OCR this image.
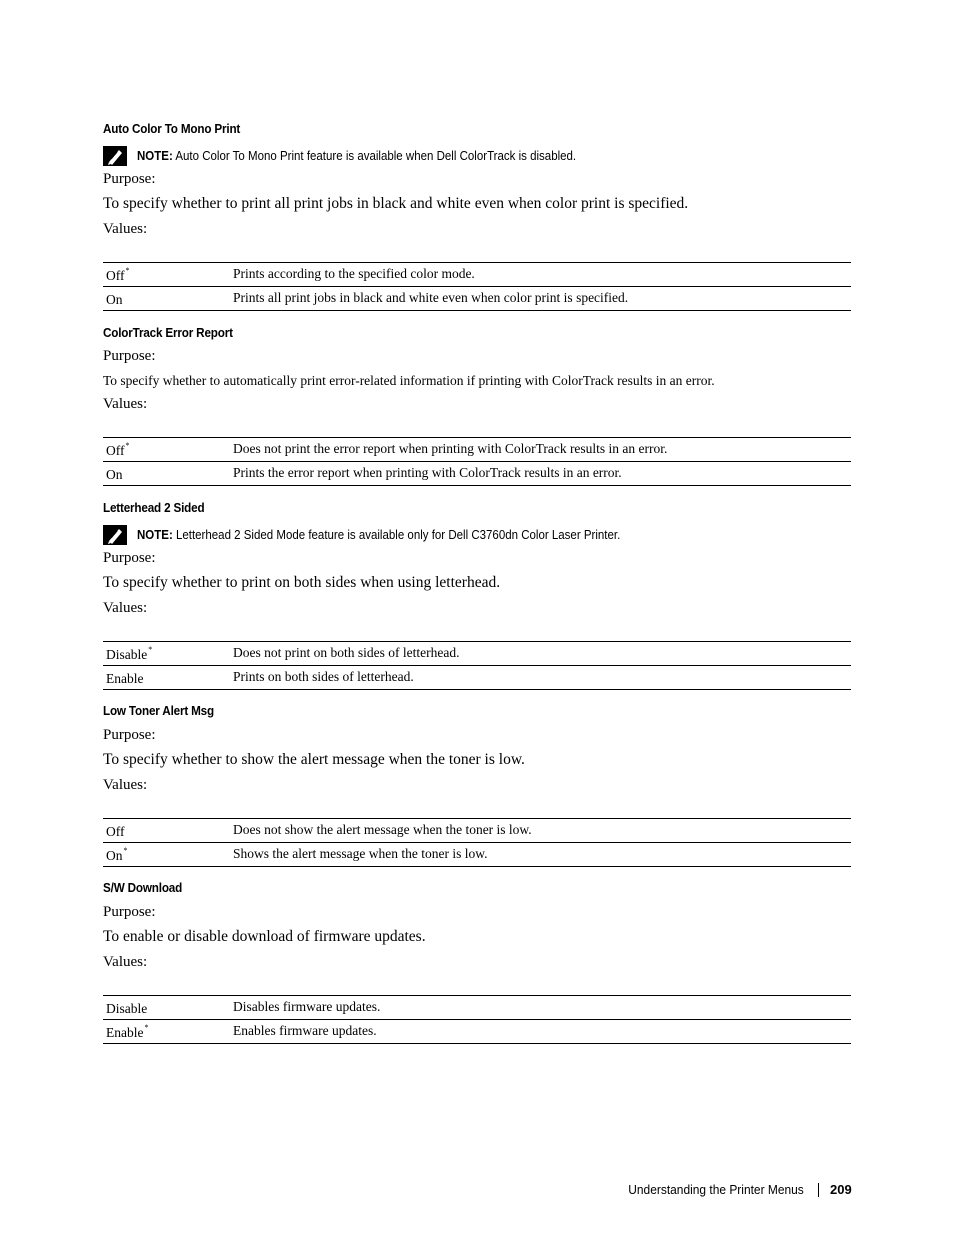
Auto Color To Mono Print
NOTE: Auto Color To Mono Print feature is available when Dell ColorTrack is disabled.
Purpose:
To specify whether to print all print jobs in black and white even when color print is specified.
Values:
Off*	Prints according to the specified color mode.
On	Prints all print jobs in black and white even when color print is specified.
ColorTrack Error Report
Purpose:
To specify whether to automatically print error-related information if printing with ColorTrack results in an error.
Values:
Off*	Does not print the error report when printing with ColorTrack results in an error.
On	Prints the error report when printing with ColorTrack results in an error.
Letterhead 2 Sided
NOTE: Letterhead 2 Sided Mode feature is available only for Dell C3760dn Color Laser Printer.
Purpose:
To specify whether to print on both sides when using letterhead.
Values:
Disable*	Does not print on both sides of letterhead.
Enable	Prints on both sides of letterhead.
Low Toner Alert Msg
Purpose:
To specify whether to show the alert message when the toner is low.
Values:
Off	Does not show the alert message when the toner is low.
On*	Shows the alert message when the toner is low.
S/W Download
Purpose:
To enable or disable download of firmware updates.
Values:
Disable	Disables firmware updates.
Enable*	Enables firmware updates.
Understanding the Printer Menus 209
